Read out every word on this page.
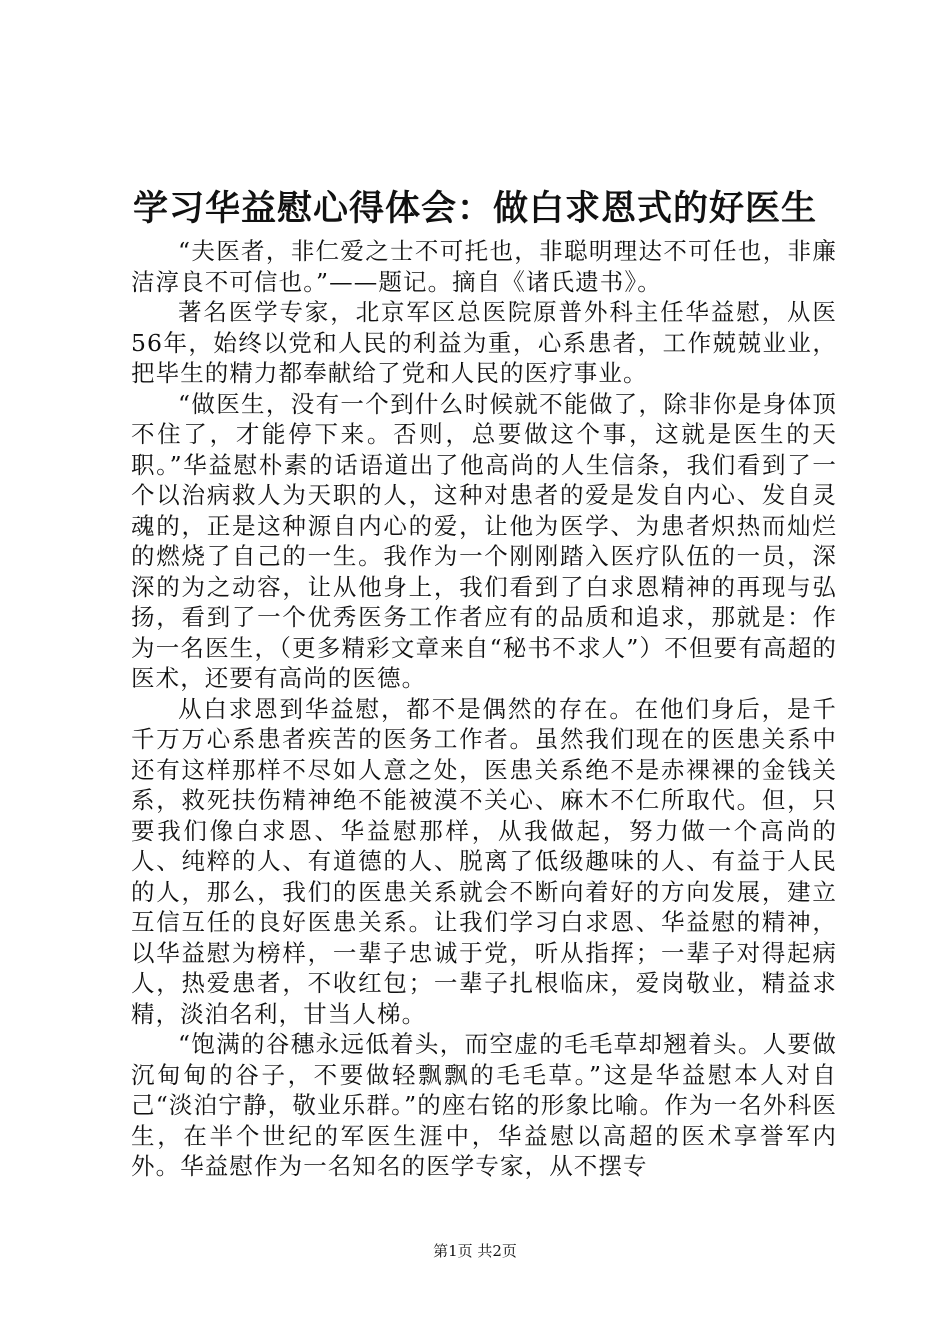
学习华益慰心得体会：做白求恩式的好医生

“夫医者，非仁爱之士不可托也，非聪明理达不可任也，非廉洁淳良不可信也。”——题记。摘自《诸氏遗书》。

著名医学专家，北京军区总医院原普外科主任华益慰，从医56年，始终以党和人民的利益为重，心系患者，工作兢兢业业，把毕生的精力都奉献给了党和人民的医疗事业。

“做医生，没有一个到什么时候就不能做了，除非你是身体顶不住了，才能停下来。否则，总要做这个事，这就是医生的天职。”华益慰朴素的话语道出了他高尚的人生信条，我们看到了一个以治病救人为天职的人，这种对患者的爱是发自内心、发自灵魂的，正是这种源自内心的爱，让他为医学、为患者炽热而灿烂的燃烧了自己的一生。我作为一个刚刚踏入医疗队伍的一员，深深的为之动容，让从他身上，我们看到了白求恩精神的再现与弘扬，看到了一个优秀医务工作者应有的品质和追求，那就是：作为一名医生，（更多精彩文章来自“秘书不求人”）不但要有高超的医术，还要有高尚的医德。

从白求恩到华益慰，都不是偶然的存在。在他们身后，是千千万万心系患者疾苦的医务工作者。虽然我们现在的医患关系中还有这样那样不尽如人意之处，医患关系绝不是赤裸裸的金钱关系，救死扶伤精神绝不能被漠不关心、麻木不仁所取代。但，只要我们像白求恩、华益慰那样，从我做起，努力做一个高尚的人、纯粹的人、有道德的人、脱离了低级趣味的人、有益于人民的人，那么，我们的医患关系就会不断向着好的方向发展，建立互信互任的良好医患关系。让我们学习白求恩、华益慰的精神，以华益慰为榜样，一辈子忠诚于党，听从指挥；一辈子对得起病人，热爱患者，不收红包；一辈子扎根临床，爱岗敬业，精益求精，淡泊名利，甘当人梯。

“饱满的谷穗永远低着头，而空虚的毛毛草却翘着头。人要做沉甸甸的谷子，不要做轻飘飘的毛毛草。”这是华益慰本人对自己“淡泊宁静，敬业乐群。”的座右铭的形象比喻。作为一名外科医生，在半个世纪的军医生涯中，华益慰以高超的医术享誉军内外。华益慰作为一名知名的医学专家，从不摆专

第1页 共2页
